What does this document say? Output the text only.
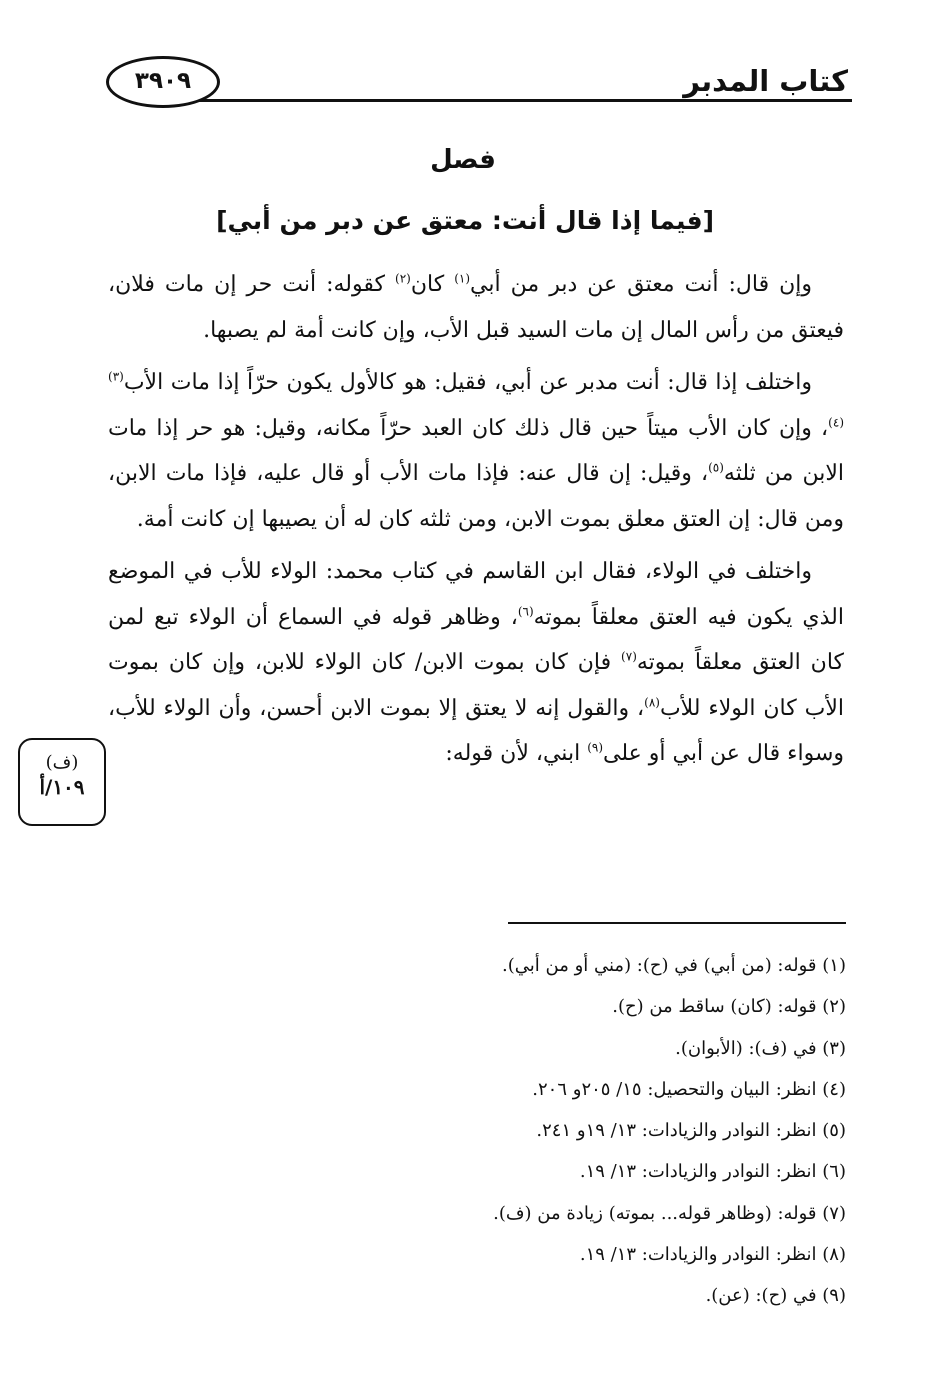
كتاب المدبر
٣٩٠٩
فصل
[فيما إذا قال أنت: معتق عن دبر من أبي]

وإن قال: أنت معتق عن دبر من أبي$^{(١)}$ كان$^{(٢)}$ كقوله: أنت حر إن مات فلان، فيعتق من رأس المال إن مات السيد قبل الأب، وإن كانت أمة لم يصبها.

واختلف إذا قال: أنت مدبر عن أبي، فقيل: هو كالأول يكون حرّاً إذا مات الأب$^{(٣)(٤)}$، وإن كان الأب ميتاً حين قال ذلك كان العبد حرّاً مكانه، وقيل: هو حر إذا مات الابن من ثلثه$^{(٥)}$، وقيل: إن قال عنه: فإذا مات الأب أو قال عليه، فإذا مات الابن، ومن قال: إن العتق معلق بموت الابن، ومن ثلثه كان له أن يصيبها إن كانت أمة.

واختلف في الولاء، فقال ابن القاسم في كتاب محمد: الولاء للأب في الموضع الذي يكون فيه العتق معلقاً بموته$^{(٦)}$، وظاهر قوله في السماع أن الولاء تبع لمن كان العتق معلقاً بموته$^{(٧)}$ فإن كان بموت الابن/ كان الولاء للابن، وإن كان بموت الأب كان الولاء للأب$^{(٨)}$، والقول إنه لا يعتق إلا بموت الابن أحسن، وأن الولاء للأب، وسواء قال عن أبي أو على$^{(٩)}$ ابني، لأن قوله:

(ف)
١٠٩/أ
(١) قوله: (من أبي) في (ح): (مني أو من أبي).
(٢) قوله: (كان) ساقط من (ح).
(٣) في (ف): (الأبوان).
(٤) انظر: البيان والتحصيل: ١٥/ ٢٠٥و ٢٠٦.
(٥) انظر: النوادر والزيادات: ١٣/ ١٩و ٢٤١.
(٦) انظر: النوادر والزيادات: ١٣/ ١٩.
(٧) قوله: (وظاهر قوله... بموته) زيادة من (ف).
(٨) انظر: النوادر والزيادات: ١٣/ ١٩.
(٩) في (ح): (عن).
